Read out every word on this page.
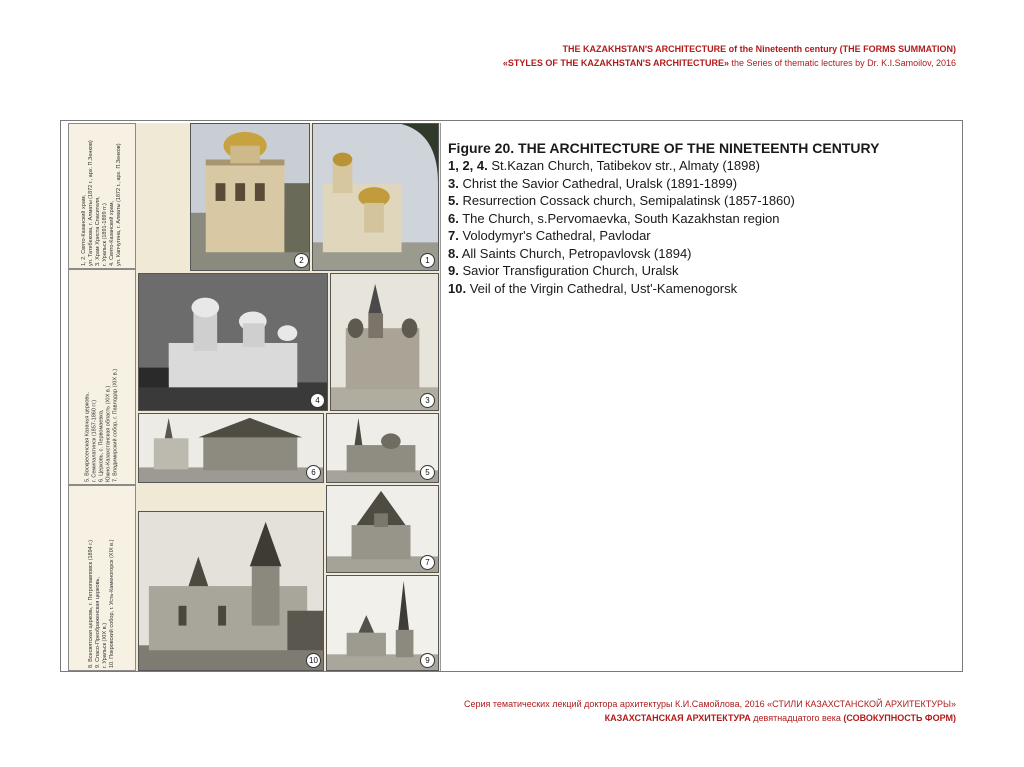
THE KAZAKHSTAN'S ARCHITECTURE of the Nineteenth century (THE FORMS SUMMATION)
«STYLES OF THE KAZAKHSTAN'S ARCHITECTURE» the Series of thematic lectures by Dr. K.I.Samoilov, 2016
1, 2. Свято-Казанский храм,
ул. Татибекова, г. Алматы (1872 г., арх. П.Зенков)
3. Храм Христа Спасителя,
г. Уральск (1891-1899 гг.)
4. Свято-Казанский храм,
ул. Капчугина, г. Алматы (1872 г., арх. П.Зенков)
5. Воскресенская Казачья церковь,
г. Семипалатинск (1857-1860 гг.)
6. Церковь, с. Первомаевка,
Южно-Казахстанская область (XIX в.)
7. Владимирский собор, г. Павлодар (XIX в.)
8. Всесвятская церковь, г. Петропавловск (1894 г.)
9. Спасо-Преображенская церковь,
г. Уральск (XIX в.)
10. Покровский собор, г. Усть-Каменогорск (XIX в.)
2	1
4	3
6	5
7
10	9
Figure 20. THE ARCHITECTURE OF THE NINETEENTH CENTURY
1, 2, 4. St.Kazan Church, Tatibekov str., Almaty (1898)
3. Christ the Savior Cathedral, Uralsk (1891-1899)
5. Resurrection Cossack church, Semipalatinsk (1857-1860)
6. The Church, s.Pervomaevka, South Kazakhstan region
7. Volodymyr's Cathedral, Pavlodar
8. All Saints Church, Petropavlovsk (1894)
9. Savior Transfiguration Church, Uralsk
10. Veil of the Virgin Cathedral, Ust'-Kamenogorsk
Серия тематических лекций доктора архитектуры К.И.Самойлова, 2016 «СТИЛИ КАЗАХСТАНСКОЙ АРХИТЕКТУРЫ»
КАЗАХСТАНСКАЯ АРХИТЕКТУРА девятнадцатого века (СОВОКУПНОСТЬ ФОРМ)
